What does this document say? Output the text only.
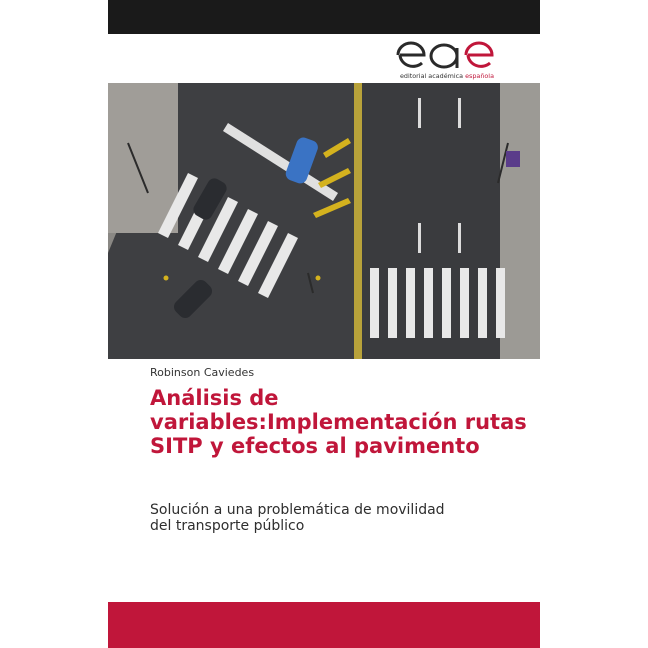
editorial académica española
Robinson Caviedes
Análisis de variables:Implementación rutas SITP y efectos al pavimento

Solución a una problemática de movilidad
del transporte público
